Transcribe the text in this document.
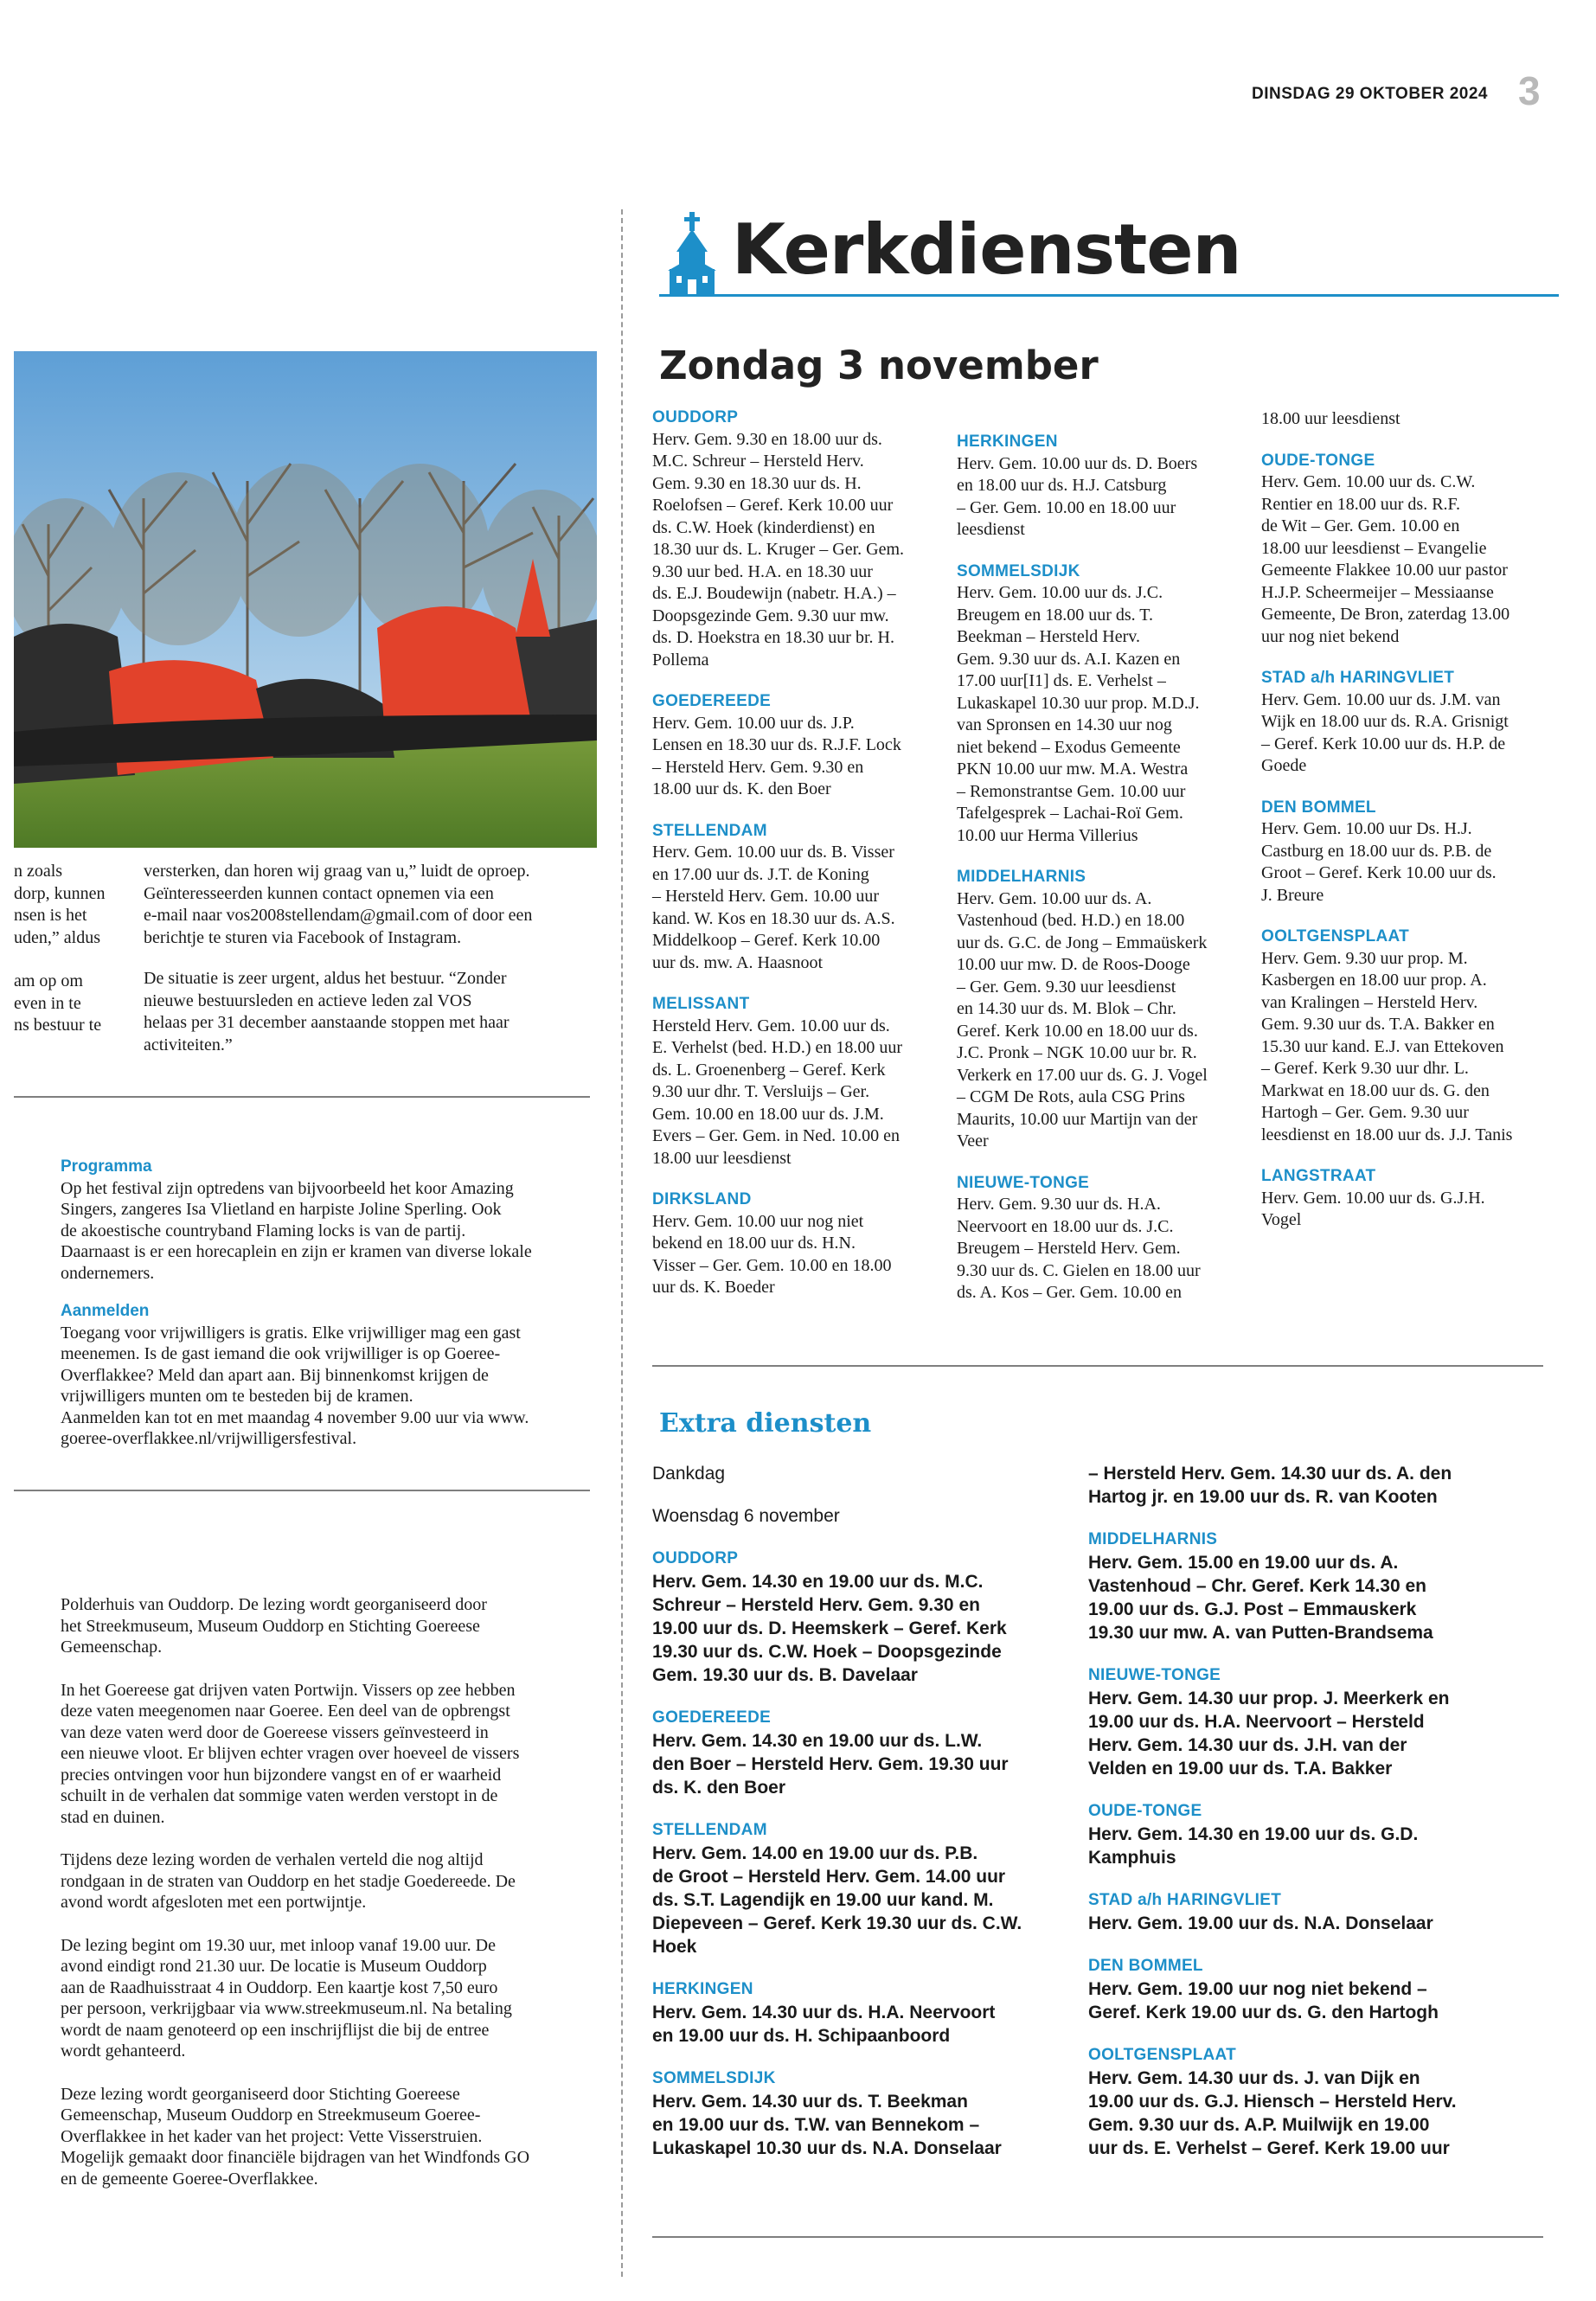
DINSDAG 29 OKTOBER 2024 3
Kerkdiensten
Zondag 3 november
n zoals
dorp, kunnen
nsen is het
uden,” aldus
am op om
even in te
ns bestuur te
versterken, dan horen wij graag van u,” luidt de oproep.
Geïnteresseerden kunnen contact opnemen via een
e-mail naar vos2008stellendam@gmail.com of door een
berichtje te sturen via Facebook of Instagram.
De situatie is zeer urgent, aldus het bestuur. “Zonder
nieuwe bestuursleden en actieve leden zal VOS
helaas per 31 december aanstaande stoppen met haar
activiteiten.”
Programma
Op het festival zijn optredens van bijvoorbeeld het koor Amazing
Singers, zangeres Isa Vlietland en harpiste Joline Sperling. Ook
de akoestische countryband Flaming locks is van de partij.
Daarnaast is er een horecaplein en zijn er kramen van diverse lokale
ondernemers.
Aanmelden
Toegang voor vrijwilligers is gratis. Elke vrijwilliger mag een gast
meenemen. Is de gast iemand die ook vrijwilliger is op Goeree-
Overflakkee? Meld dan apart aan. Bij binnenkomst krijgen de
vrijwilligers munten om te besteden bij de kramen.
Aanmelden kan tot en met maandag 4 november 9.00 uur via www.
goeree-overflakkee.nl/vrijwilligersfestival.
Polderhuis van Ouddorp. De lezing wordt georganiseerd door
het Streekmuseum, Museum Ouddorp en Stichting Goereese
Gemeenschap.
In het Goereese gat drijven vaten Portwijn. Vissers op zee hebben
deze vaten meegenomen naar Goeree. Een deel van de opbrengst
van deze vaten werd door de Goereese vissers geïnvesteerd in
een nieuwe vloot. Er blijven echter vragen over hoeveel de vissers
precies ontvingen voor hun bijzondere vangst en of er waarheid
schuilt in de verhalen dat sommige vaten werden verstopt in de
stad en duinen.
Tijdens deze lezing worden de verhalen verteld die nog altijd
rondgaan in de straten van Ouddorp en het stadje Goedereede. De
avond wordt afgesloten met een portwijntje.
De lezing begint om 19.30 uur, met inloop vanaf 19.00 uur. De
avond eindigt rond 21.30 uur. De locatie is Museum Ouddorp
aan de Raadhuisstraat 4 in Ouddorp. Een kaartje kost 7,50 euro
per persoon, verkrijgbaar via www.streekmuseum.nl. Na betaling
wordt de naam genoteerd op een inschrijflijst die bij de entree
wordt gehanteerd.
Deze lezing wordt georganiseerd door Stichting Goereese
Gemeenschap, Museum Ouddorp en Streekmuseum Goeree-
Overflakkee in het kader van het project: Vette Visserstruien.
Mogelijk gemaakt door financiële bijdragen van het Windfonds GO
en de gemeente Goeree-Overflakkee.

OUDDORP

Herv. Gem. 9.30 en 18.00 uur ds.

M.C. Schreur – Hersteld Herv.

Gem. 9.30 en 18.30 uur ds. H.

Roelofsen – Geref. Kerk 10.00 uur

ds. C.W. Hoek (kinderdienst) en

18.30 uur ds. L. Kruger – Ger. Gem.

9.30 uur bed. H.A. en 18.30 uur

ds. E.J. Boudewijn (nabetr. H.A.) –

Doopsgezinde Gem. 9.30 uur mw.

ds. D. Hoekstra en 18.30 uur br. H.

Pollema

GOEDEREEDE

Herv. Gem. 10.00 uur ds. J.P.

Lensen en 18.30 uur ds. R.J.F. Lock

– Hersteld Herv. Gem. 9.30 en

18.00 uur ds. K. den Boer

STELLENDAM

Herv. Gem. 10.00 uur ds. B. Visser

en 17.00 uur ds. J.T. de Koning

– Hersteld Herv. Gem. 10.00 uur

kand. W. Kos en 18.30 uur ds. A.S.

Middelkoop – Geref. Kerk 10.00

uur ds. mw. A. Haasnoot

MELISSANT

Hersteld Herv. Gem. 10.00 uur ds.

E. Verhelst (bed. H.D.) en 18.00 uur

ds. L. Groenenberg – Geref. Kerk

9.30 uur dhr. T. Versluijs – Ger.

Gem. 10.00 en 18.00 uur ds. J.M.

Evers – Ger. Gem. in Ned. 10.00 en

18.00 uur leesdienst

DIRKSLAND

Herv. Gem. 10.00 uur nog niet

bekend en 18.00 uur ds. H.N.

Visser – Ger. Gem. 10.00 en 18.00

uur ds. K. Boeder

HERKINGEN

Herv. Gem. 10.00 uur ds. D. Boers

en 18.00 uur ds. H.J. Catsburg

– Ger. Gem. 10.00 en 18.00 uur

leesdienst

SOMMELSDIJK

Herv. Gem. 10.00 uur ds. J.C.

Breugem en 18.00 uur ds. T.

Beekman – Hersteld Herv.

Gem. 9.30 uur ds. A.I. Kazen en

17.00 uur[I1] ds. E. Verhelst –

Lukaskapel 10.30 uur prop. M.D.J.

van Spronsen en 14.30 uur nog

niet bekend – Exodus Gemeente

PKN 10.00 uur mw. M.A. Westra

– Remonstrantse Gem. 10.00 uur

Tafelgesprek – Lachai-Roï Gem.

10.00 uur Herma Villerius

MIDDELHARNIS

Herv. Gem. 10.00 uur ds. A.

Vastenhoud (bed. H.D.) en 18.00

uur ds. G.C. de Jong – Emmaüskerk

10.00 uur mw. D. de Roos-Dooge

– Ger. Gem. 9.30 uur leesdienst

en 14.30 uur ds. M. Blok – Chr.

Geref. Kerk 10.00 en 18.00 uur ds.

J.C. Pronk – NGK 10.00 uur br. R.

Verkerk en 17.00 uur ds. G. J. Vogel

– CGM De Rots, aula CSG Prins

Maurits, 10.00 uur Martijn van der

Veer

NIEUWE-TONGE

Herv. Gem. 9.30 uur ds. H.A.

Neervoort en 18.00 uur ds. J.C.

Breugem – Hersteld Herv. Gem.

9.30 uur ds. C. Gielen en 18.00 uur

ds. A. Kos – Ger. Gem. 10.00 en

18.00 uur leesdienst

OUDE-TONGE

Herv. Gem. 10.00 uur ds. C.W.

Rentier en 18.00 uur ds. R.F.

de Wit – Ger. Gem. 10.00 en

18.00 uur leesdienst – Evangelie

Gemeente Flakkee 10.00 uur pastor

H.J.P. Scheermeijer – Messiaanse

Gemeente, De Bron, zaterdag 13.00

uur nog niet bekend

STAD a/h HARINGVLIET

Herv. Gem. 10.00 uur ds. J.M. van

Wijk en 18.00 uur ds. R.A. Grisnigt

– Geref. Kerk 10.00 uur ds. H.P. de

Goede

DEN BOMMEL

Herv. Gem. 10.00 uur Ds. H.J.

Castburg en 18.00 uur ds. P.B. de

Groot – Geref. Kerk 10.00 uur ds.

J. Breure

OOLTGENSPLAAT

Herv. Gem. 9.30 uur prop. M.

Kasbergen en 18.00 uur prop. A.

van Kralingen – Hersteld Herv.

Gem. 9.30 uur ds. T.A. Bakker en

15.30 uur kand. E.J. van Ettekoven

– Geref. Kerk 9.30 uur dhr. L.

Markwat en 18.00 uur ds. G. den

Hartogh – Ger. Gem. 9.30 uur

leesdienst en 18.00 uur ds. J.J. Tanis

LANGSTRAAT

Herv. Gem. 10.00 uur ds. G.J.H.

Vogel

Extra diensten

Dankdag

Woensdag 6 november

OUDDORP

Herv. Gem. 14.30 en 19.00 uur ds. M.C.

Schreur – Hersteld Herv. Gem. 9.30 en

19.00 uur ds. D. Heemskerk – Geref. Kerk

19.30 uur ds. C.W. Hoek – Doopsgezinde

Gem. 19.30 uur ds. B. Davelaar

GOEDEREEDE

Herv. Gem. 14.30 en 19.00 uur ds. L.W.

den Boer – Hersteld Herv. Gem. 19.30 uur

ds. K. den Boer

STELLENDAM

Herv. Gem. 14.00 en 19.00 uur ds. P.B.

de Groot – Hersteld Herv. Gem. 14.00 uur

ds. S.T. Lagendijk en 19.00 uur kand. M.

Diepeveen – Geref. Kerk 19.30 uur ds. C.W.

Hoek

HERKINGEN

Herv. Gem. 14.30 uur ds. H.A. Neervoort

en 19.00 uur ds. H. Schipaanboord

SOMMELSDIJK

Herv. Gem. 14.30 uur ds. T. Beekman

en 19.00 uur ds. T.W. van Bennekom –

Lukaskapel 10.30 uur ds. N.A. Donselaar

– Hersteld Herv. Gem. 14.30 uur ds. A. den

Hartog jr. en 19.00 uur ds. R. van Kooten

MIDDELHARNIS

Herv. Gem. 15.00 en 19.00 uur ds. A.

Vastenhoud – Chr. Geref. Kerk 14.30 en

19.00 uur ds. G.J. Post – Emmauskerk

19.30 uur mw. A. van Putten-Brandsema

NIEUWE-TONGE

Herv. Gem. 14.30 uur prop. J. Meerkerk en

19.00 uur ds. H.A. Neervoort – Hersteld

Herv. Gem. 14.30 uur ds. J.H. van der

Velden en 19.00 uur ds. T.A. Bakker

OUDE-TONGE

Herv. Gem. 14.30 en 19.00 uur ds. G.D.

Kamphuis

STAD a/h HARINGVLIET

Herv. Gem. 19.00 uur ds. N.A. Donselaar

DEN BOMMEL

Herv. Gem. 19.00 uur nog niet bekend –

Geref. Kerk 19.00 uur ds. G. den Hartogh

OOLTGENSPLAAT

Herv. Gem. 14.30 uur ds. J. van Dijk en

19.00 uur ds. G.J. Hiensch – Hersteld Herv.

Gem. 9.30 uur ds. A.P. Muilwijk en 19.00

uur ds. E. Verhelst – Geref. Kerk 19.00 uur
